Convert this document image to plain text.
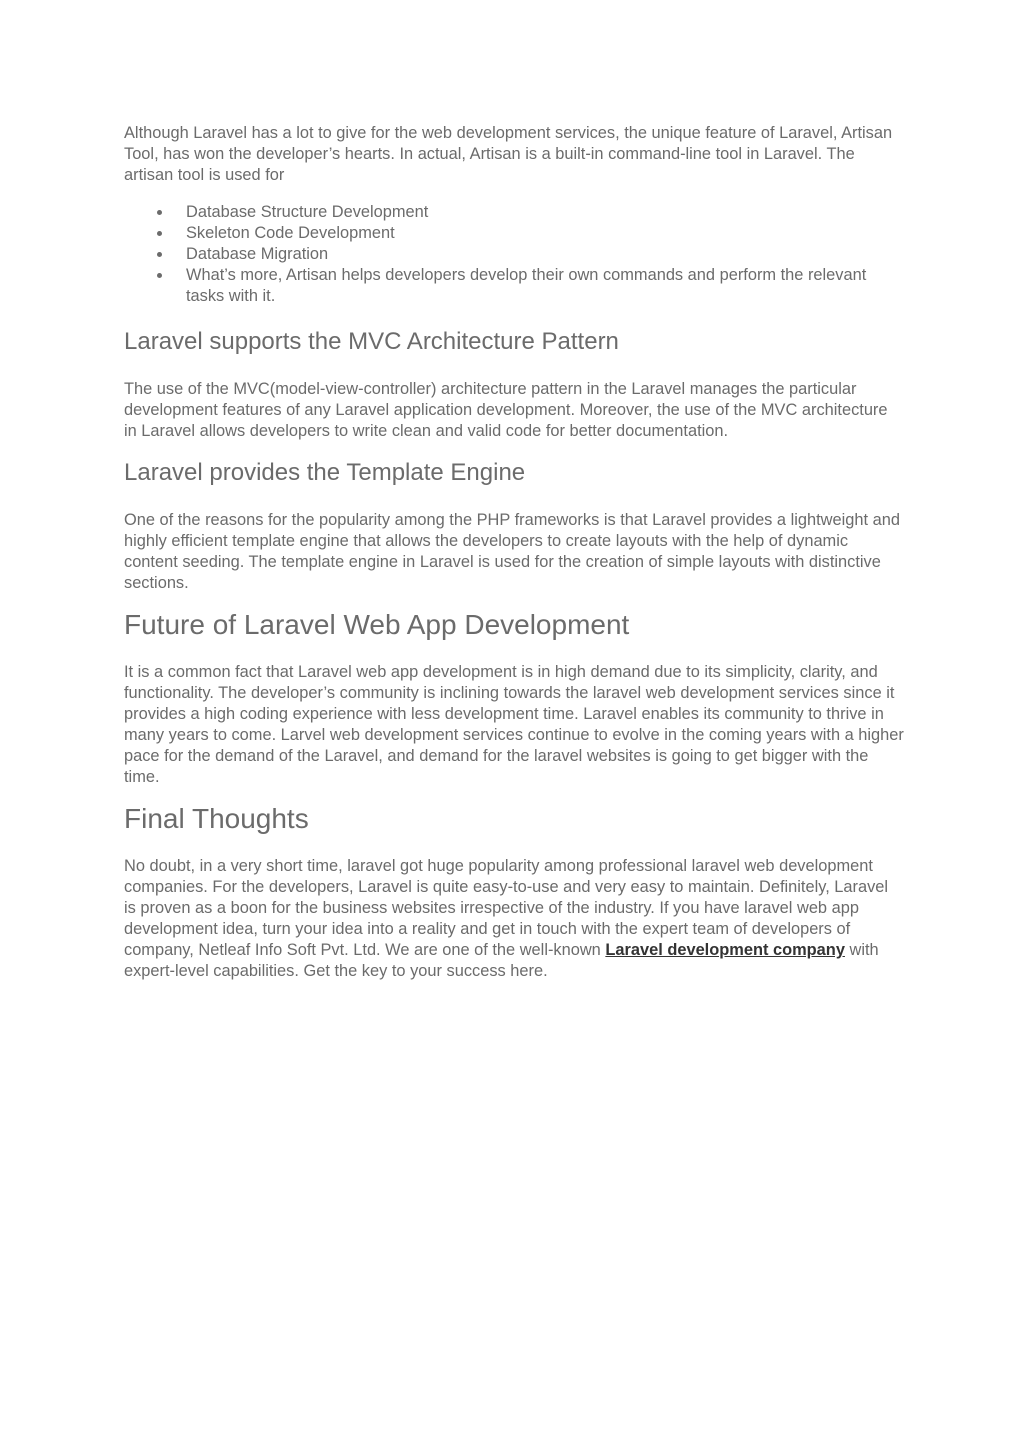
Although Laravel has a lot to give for the web development services, the unique feature of Laravel, Artisan Tool, has won the developer’s hearts. In actual, Artisan is a built-in command-line tool in Laravel. The artisan tool is used for

Database Structure Development
Skeleton Code Development
Database Migration
What’s more, Artisan helps developers develop their own commands and perform the relevant tasks with it.
Laravel supports the MVC Architecture Pattern

The use of the MVC(model-view-controller) architecture pattern in the Laravel manages the particular development features of any Laravel application development. Moreover, the use of the MVC architecture in Laravel allows developers to write clean and valid code for better documentation.

Laravel provides the Template Engine

One of the reasons for the popularity among the PHP frameworks is that Laravel provides a lightweight and highly efficient template engine that allows the developers to create layouts with the help of dynamic content seeding. The template engine in Laravel is used for the creation of simple layouts with distinctive sections.

Future of Laravel Web App Development

It is a common fact that Laravel web app development is in high demand due to its simplicity, clarity, and functionality. The developer’s community is inclining towards the laravel web development services since it provides a high coding experience with less development time. Laravel enables its community to thrive in many years to come. Larvel web development services continue to evolve in the coming years with a higher pace for the demand of the Laravel, and demand for the laravel websites is going to get bigger with the time.

Final Thoughts

No doubt, in a very short time, laravel got huge popularity among professional laravel web development companies. For the developers, Laravel is quite easy-to-use and very easy to maintain. Definitely, Laravel is proven as a boon for the business websites irrespective of the industry. If you have laravel web app development idea, turn your idea into a reality and get in touch with the expert team of developers of company, Netleaf Info Soft Pvt. Ltd. We are one of the well-known Laravel development company with expert-level capabilities. Get the key to your success here.
